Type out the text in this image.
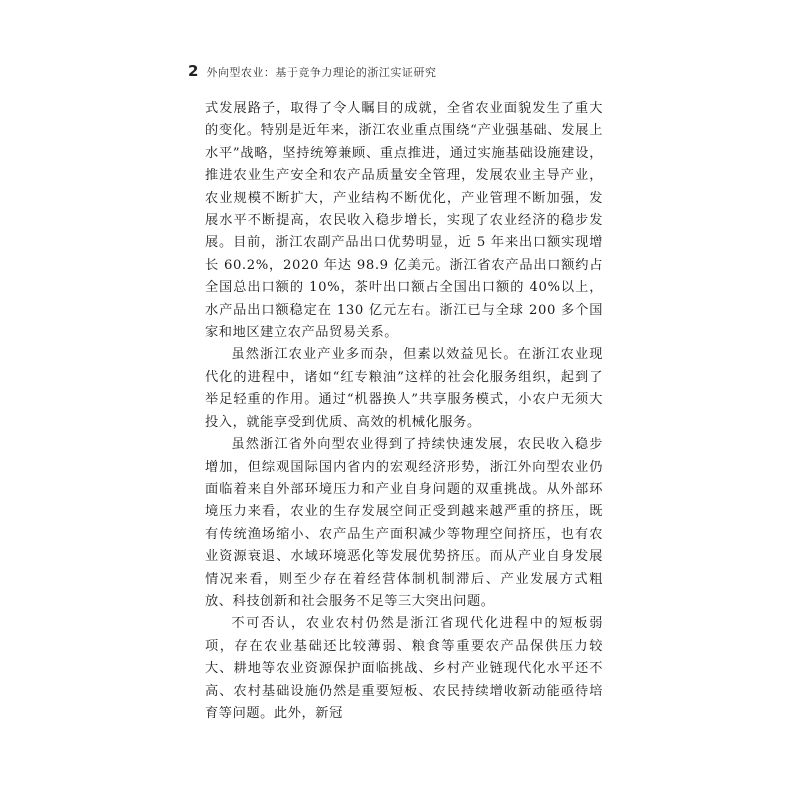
2 外向型农业：基于竞争力理论的浙江实证研究

式发展路子，取得了令人瞩目的成就，全省农业面貌发生了重大的变化。特别是近年来，浙江农业重点围绕“产业强基础、发展上水平”战略，坚持统筹兼顾、重点推进，通过实施基础设施建设，推进农业生产安全和农产品质量安全管理，发展农业主导产业，农业规模不断扩大，产业结构不断优化，产业管理不断加强，发展水平不断提高，农民收入稳步增长，实现了农业经济的稳步发展。目前，浙江农副产品出口优势明显，近 5 年来出口额实现增长 60.2%，2020 年达 98.9 亿美元。浙江省农产品出口额约占全国总出口额的 10%，茶叶出口额占全国出口额的 40%以上，水产品出口额稳定在 130 亿元左右。浙江已与全球 200 多个国家和地区建立农产品贸易关系。

虽然浙江农业产业多而杂，但素以效益见长。在浙江农业现代化的进程中，诸如“红专粮油”这样的社会化服务组织，起到了举足轻重的作用。通过“机器换人”共享服务模式，小农户无须大投入，就能享受到优质、高效的机械化服务。

虽然浙江省外向型农业得到了持续快速发展，农民收入稳步增加，但综观国际国内省内的宏观经济形势，浙江外向型农业仍面临着来自外部环境压力和产业自身问题的双重挑战。从外部环境压力来看，农业的生存发展空间正受到越来越严重的挤压，既有传统渔场缩小、农产品生产面积减少等物理空间挤压，也有农业资源衰退、水域环境恶化等发展优势挤压。而从产业自身发展情况来看，则至少存在着经营体制机制滞后、产业发展方式粗放、科技创新和社会服务不足等三大突出问题。

不可否认，农业农村仍然是浙江省现代化进程中的短板弱项，存在农业基础还比较薄弱、粮食等重要农产品保供压力较大、耕地等农业资源保护面临挑战、乡村产业链现代化水平还不高、农村基础设施仍然是重要短板、农民持续增收新动能亟待培育等问题。此外，新冠
